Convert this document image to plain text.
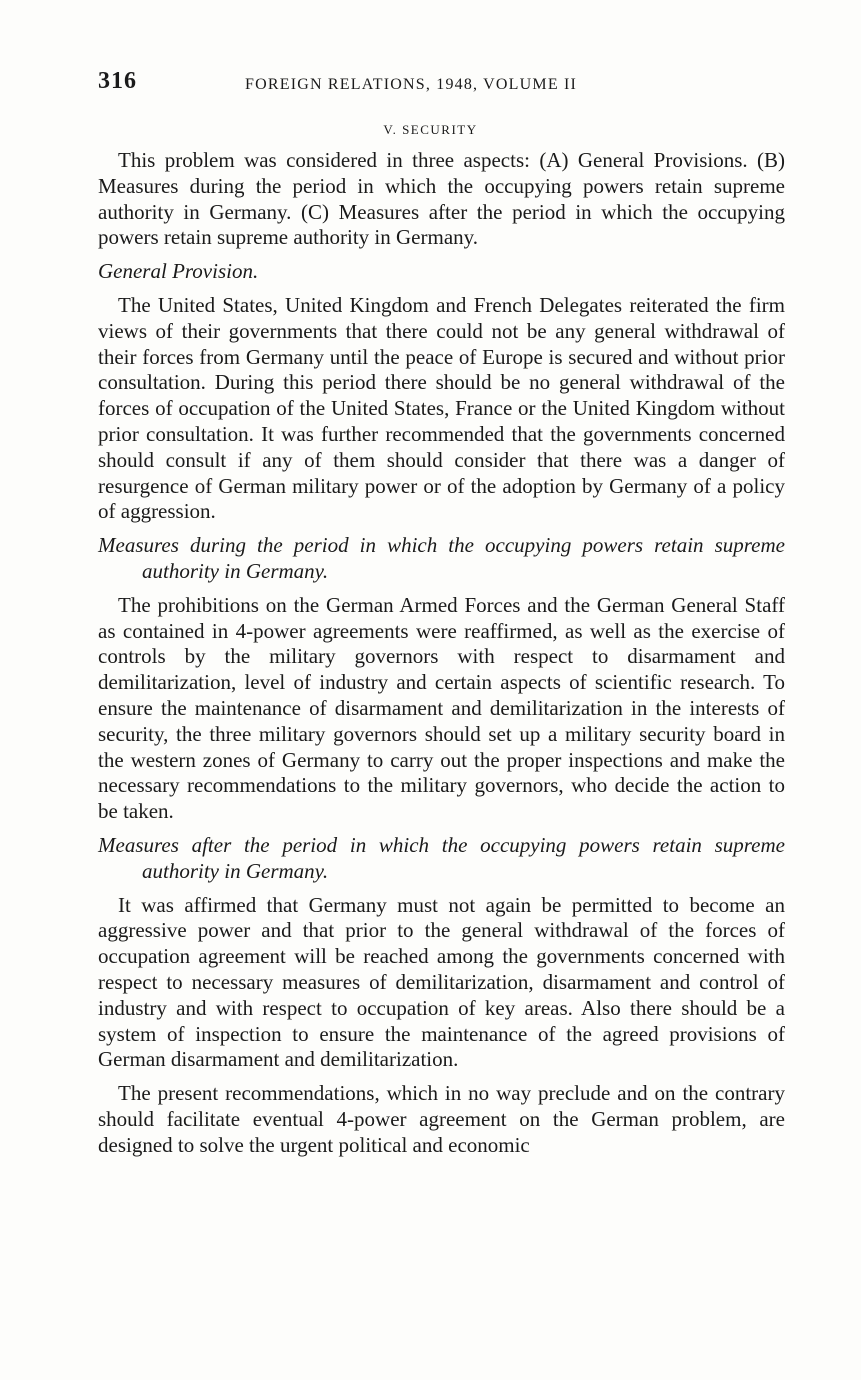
316	FOREIGN RELATIONS, 1948, VOLUME II
V. SECURITY

This problem was considered in three aspects: (A) General Provisions. (B) Measures during the period in which the occupying powers retain supreme authority in Germany. (C) Measures after the period in which the occupying powers retain supreme authority in Germany.

General Provision.

The United States, United Kingdom and French Delegates reiterated the firm views of their governments that there could not be any general withdrawal of their forces from Germany until the peace of Europe is secured and without prior consultation. During this period there should be no general withdrawal of the forces of occupation of the United States, France or the United Kingdom without prior consultation. It was further recommended that the governments concerned should consult if any of them should consider that there was a danger of resurgence of German military power or of the adoption by Germany of a policy of aggression.

Measures during the period in which the occupying powers retain supreme authority in Germany.

The prohibitions on the German Armed Forces and the German General Staff as contained in 4-power agreements were reaffirmed, as well as the exercise of controls by the military governors with respect to disarmament and demilitarization, level of industry and certain aspects of scientific research. To ensure the maintenance of disarmament and demilitarization in the interests of security, the three military governors should set up a military security board in the western zones of Germany to carry out the proper inspections and make the necessary recommendations to the military governors, who decide the action to be taken.

Measures after the period in which the occupying powers retain supreme authority in Germany.

It was affirmed that Germany must not again be permitted to become an aggressive power and that prior to the general withdrawal of the forces of occupation agreement will be reached among the governments concerned with respect to necessary measures of demilitarization, disarmament and control of industry and with respect to occupation of key areas. Also there should be a system of inspection to ensure the maintenance of the agreed provisions of German disarmament and demilitarization.

The present recommendations, which in no way preclude and on the contrary should facilitate eventual 4-power agreement on the German problem, are designed to solve the urgent political and economic
